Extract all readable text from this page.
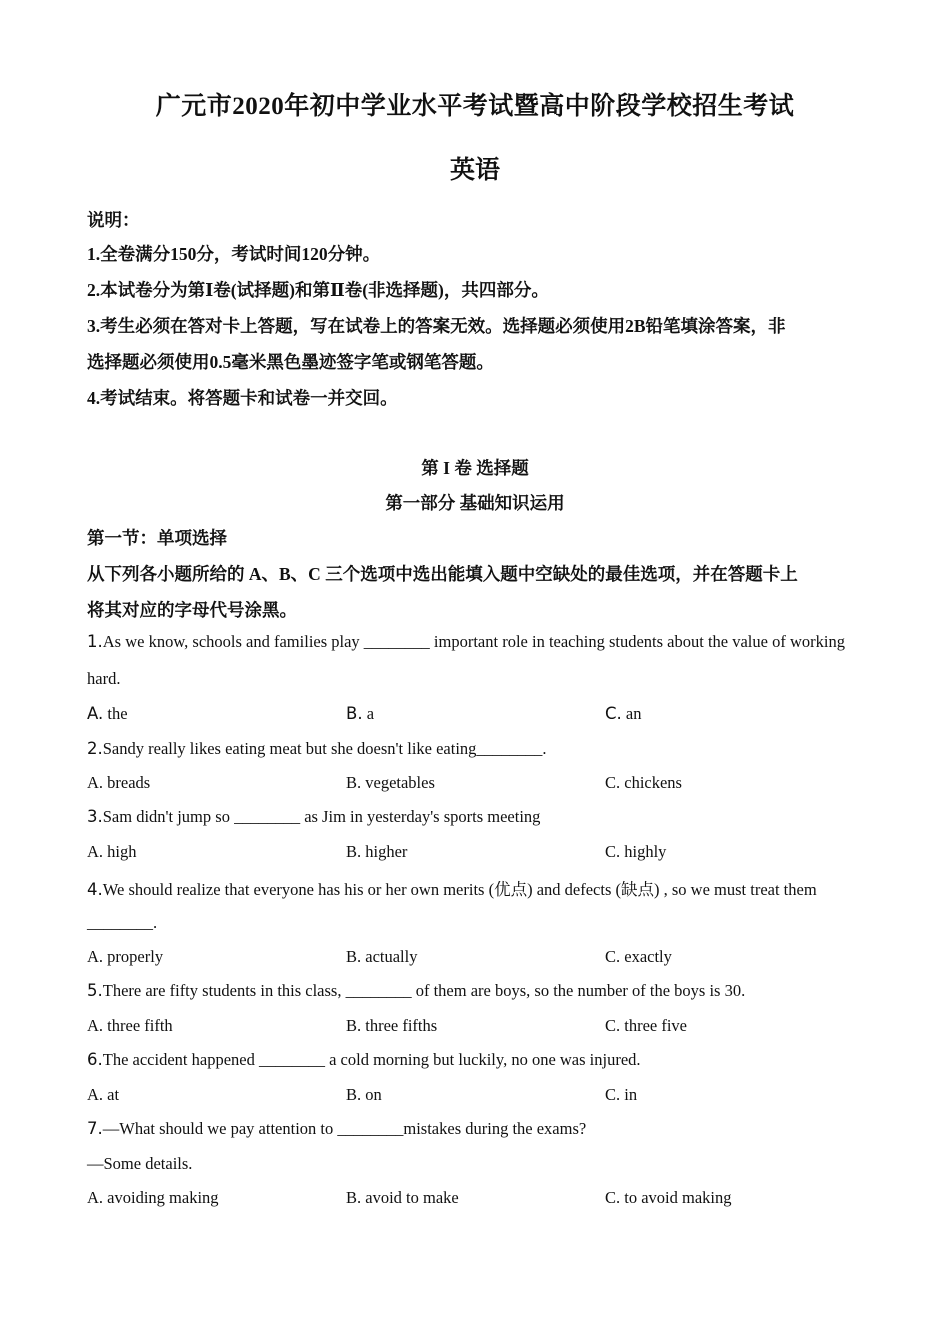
广元市2020年初中学业水平考试暨高中阶段学校招生考试
英语
说明：
1.全卷满分150分，考试时间120分钟。
2.本试卷分为第Ⅰ卷(试择题)和第Ⅱ卷(非选择题)，共四部分。
3.考生必须在答对卡上答题，写在试卷上的答案无效。选择题必须使用2B铅笔填涂答案，非
选择题必须使用0.5毫米黑色墨迹签字笔或钢笔答题。
4.考试结束。将答题卡和试卷一并交回。
第 I 卷 选择题
第一部分 基础知识运用
第一节：单项选择
从下列各小题所给的 A、B、C 三个选项中选出能填入题中空缺处的最佳选项，并在答题卡上
将其对应的字母代号涂黑。
1.As we know, schools and families play ________ important role in teaching students about the value of working
hard.
A. the	B. a	C. an
2.Sandy really likes eating meat but she doesn't like eating________.
A. breads	B. vegetables	C. chickens
3.Sam didn't jump so ________ as Jim in yesterday's sports meeting
A. high	B. higher	C. highly
4.We should realize that everyone has his or her own merits (优点) and defects (缺点) , so we must treat them
________.
A. properly	B. actually	C. exactly
5.There are fifty students in this class, ________ of them are boys, so the number of the boys is 30.
A. three fifth	B. three fifths	C. three five
6.The accident happened ________ a cold morning but luckily, no one was injured.
A. at	B. on	C. in
7.—What should we pay attention to ________mistakes during the exams?
—Some details.
A. avoiding making	B. avoid to make	C. to avoid making
